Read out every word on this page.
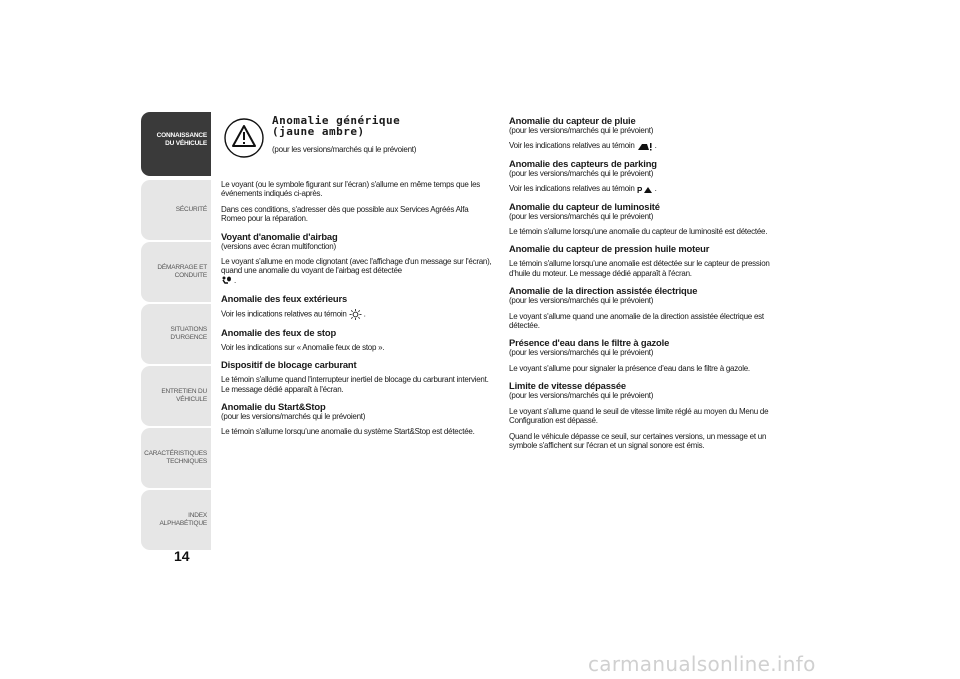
CONNAISSANCE
DU VÉHICULE
SÉCURITÉ
DÉMARRAGE ET
CONDUITE
SITUATIONS
D'URGENCE
ENTRETIEN DU
VÉHICULE
CARACTÉRISTIQUES
TECHNIQUES
INDEX
ALPHABÉTIQUE
14
Anomalie générique
(jaune ambre)
(pour les versions/marchés qui le prévoient)

Le voyant (ou le symbole figurant sur l'écran) s'allume en même temps que les événements indiqués ci-après.

Dans ces conditions, s'adresser dès que possible aux Services Agréés Alfa Romeo pour la réparation.

Voyant d'anomalie d'airbag
(versions avec écran multifonction)

Le voyant s'allume en mode clignotant (avec l'affichage d'un message sur l'écran), quand une anomalie du voyant de l'airbag est détectée
.

Anomalie des feux extérieurs

Voir les indications relatives au témoin  .

Anomalie des feux de stop

Voir les indications sur « Anomalie feux de stop ».

Dispositif de blocage carburant

Le témoin s'allume quand l'interrupteur inertiel de blocage du carburant intervient. Le message dédié apparaît à l'écran.

Anomalie du Start&Stop
(pour les versions/marchés qui le prévoient)

Le témoin s'allume lorsqu'une anomalie du système Start&Stop est détectée.

Anomalie du capteur de pluie
(pour les versions/marchés qui le prévoient)

Voir les indications relatives au témoin  .

Anomalie des capteurs de parking
(pour les versions/marchés qui le prévoient)

Voir les indications relatives au témoin P .

Anomalie du capteur de luminosité
(pour les versions/marchés qui le prévoient)

Le témoin s'allume lorsqu'une anomalie du capteur de luminosité est détectée.

Anomalie du capteur de pression huile moteur

Le témoin s'allume lorsqu'une anomalie est détectée sur le capteur de pression d'huile du moteur. Le message dédié apparaît à l'écran.

Anomalie de la direction assistée électrique
(pour les versions/marchés qui le prévoient)

Le voyant s'allume quand une anomalie de la direction assistée électrique est détectée.

Présence d'eau dans le filtre à gazole
(pour les versions/marchés qui le prévoient)

Le voyant s'allume pour signaler la présence d'eau dans le filtre à gazole.

Limite de vitesse dépassée
(pour les versions/marchés qui le prévoient)

Le voyant s'allume quand le seuil de vitesse limite réglé au moyen du Menu de Configuration est dépassé.

Quand le véhicule dépasse ce seuil, sur certaines versions, un message et un symbole s'affichent sur l'écran et un signal sonore est émis.

carmanualsonline.info
